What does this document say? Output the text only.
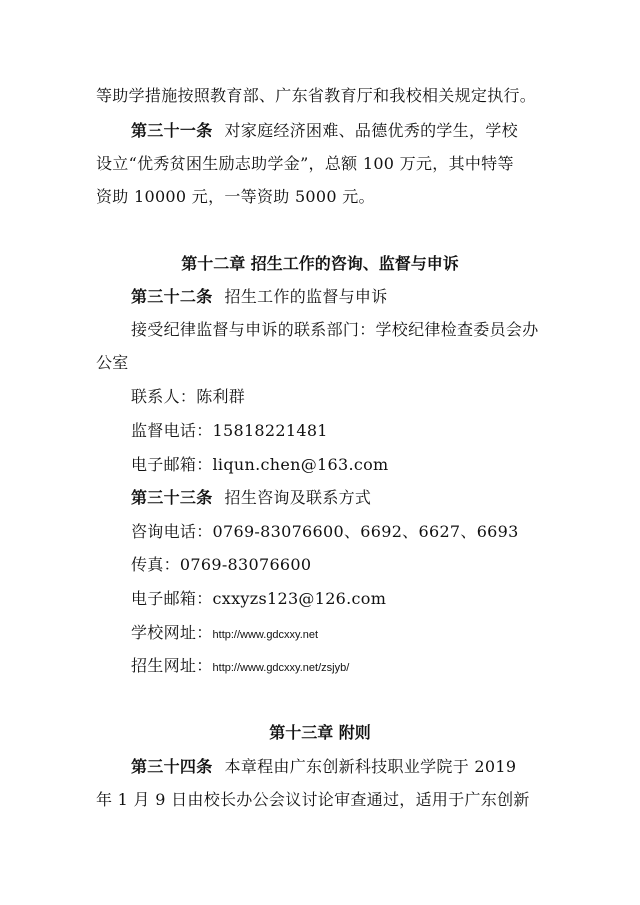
等助学措施按照教育部、广东省教育厅和我校相关规定执行。
第三十一条 对家庭经济困难、品德优秀的学生，学校
设立“优秀贫困生励志助学金”，总额 100 万元，其中特等
资助 10000 元，一等资助 5000 元。
第十二章 招生工作的咨询、监督与申诉
第三十二条 招生工作的监督与申诉
接受纪律监督与申诉的联系部门：学校纪律检查委员会办
公室
联系人：陈利群
监督电话：15818221481
电子邮箱：liqun.chen@163.com
第三十三条 招生咨询及联系方式
咨询电话：0769-83076600、6692、6627、6693
传真：0769-83076600
电子邮箱：cxxyzs123@126.com
学校网址：http://www.gdcxxy.net
招生网址：http://www.gdcxxy.net/zsjyb/
第十三章 附则
第三十四条 本章程由广东创新科技职业学院于 2019
年 1 月 9 日由校长办公会议讨论审查通过，适用于广东创新
